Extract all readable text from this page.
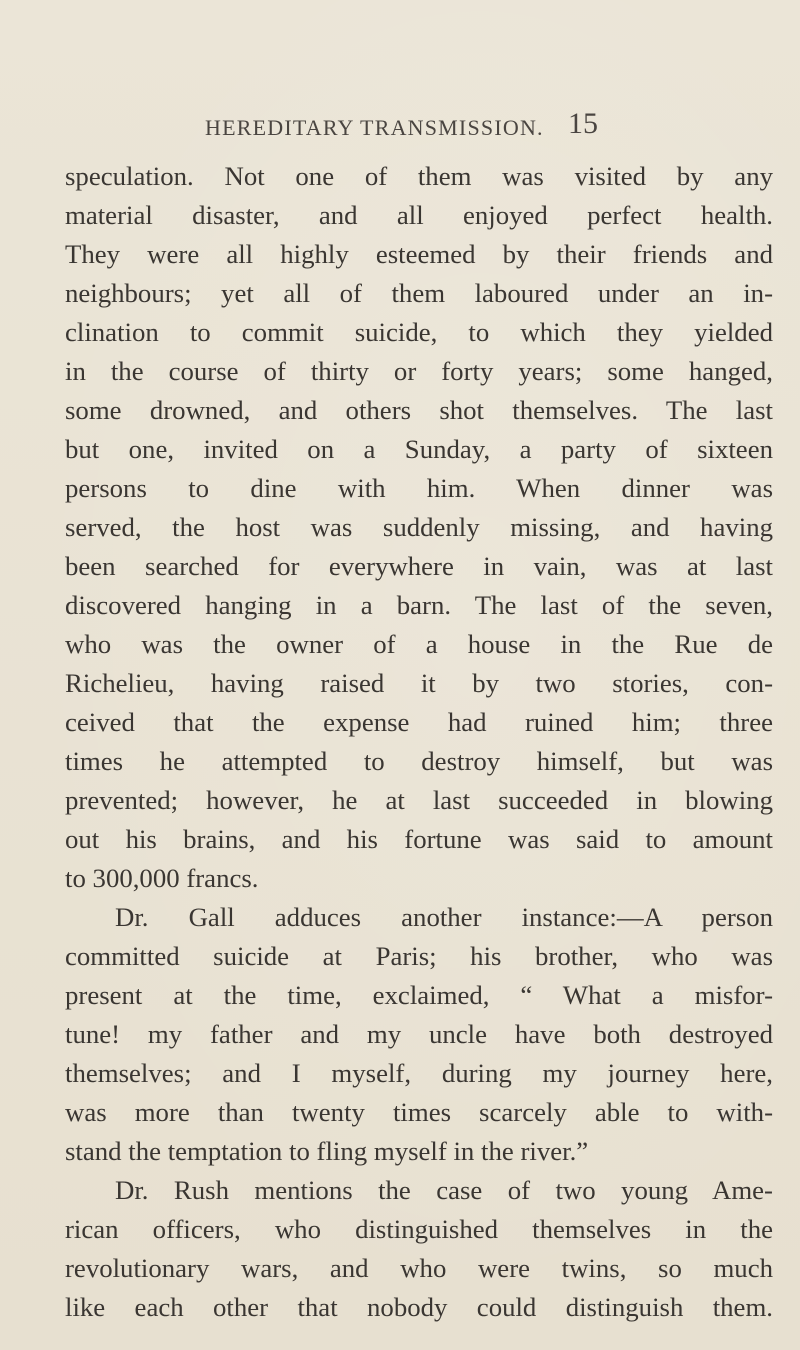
HEREDITARY TRANSMISSION. 15
speculation. Not one of them was visited by any
material disaster, and all enjoyed perfect health.
They were all highly esteemed by their friends and
neighbours; yet all of them laboured under an in-
clination to commit suicide, to which they yielded
in the course of thirty or forty years; some hanged,
some drowned, and others shot themselves. The last
but one, invited on a Sunday, a party of sixteen
persons to dine with him. When dinner was
served, the host was suddenly missing, and having
been searched for everywhere in vain, was at last
discovered hanging in a barn. The last of the seven,
who was the owner of a house in the Rue de
Richelieu, having raised it by two stories, con-
ceived that the expense had ruined him; three
times he attempted to destroy himself, but was
prevented; however, he at last succeeded in blowing
out his brains, and his fortune was said to amount
to 300,000 francs.
Dr. Gall adduces another instance:—A person
committed suicide at Paris; his brother, who was
present at the time, exclaimed, “ What a misfor-
tune! my father and my uncle have both destroyed
themselves; and I myself, during my journey here,
was more than twenty times scarcely able to with-
stand the temptation to fling myself in the river.”
Dr. Rush mentions the case of two young Ame-
rican officers, who distinguished themselves in the
revolutionary wars, and who were twins, so much
like each other that nobody could distinguish them.
